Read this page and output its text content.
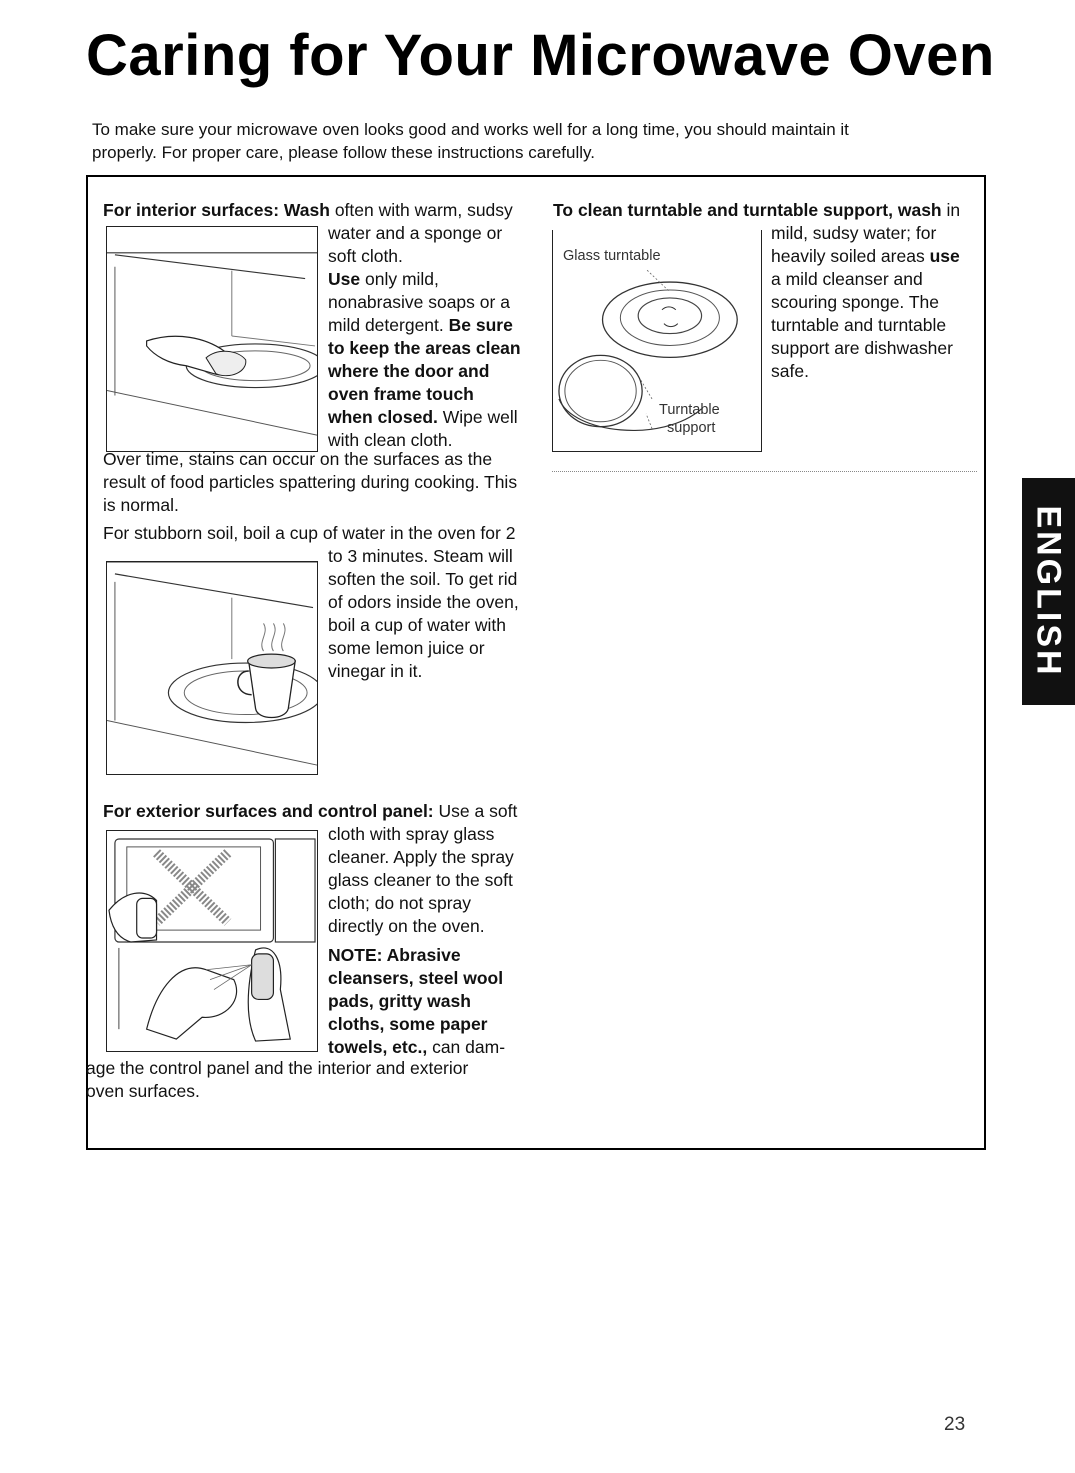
Caring for Your Microwave Oven

To make sure your microwave oven looks good and works well for a long time, you should maintain it properly. For proper care, please follow these instructions carefully.

For interior surfaces: Wash often with warm, sudsy
water and a sponge or
soft cloth.
Use only mild,
nonabrasive soaps or a
mild detergent. Be sure
to keep the areas clean
where the door and
oven frame touch
when closed. Wipe well
with clean cloth.
Over time, stains can occur on the surfaces as the
result of food particles spattering during cooking. This
is normal.
For stubborn soil, boil a cup of water in the oven for 2
to 3 minutes. Steam will
soften the soil. To get rid
of odors inside the oven,
boil a cup of water with
some lemon juice or
vinegar in it.
For exterior surfaces and control panel: Use a soft
cloth with spray glass
cleaner. Apply the spray
glass cleaner to the soft
cloth; do not spray
directly on the oven.
NOTE: Abrasive
cleansers, steel wool
pads, gritty wash
cloths, some paper
towels, etc., can dam-
age the control panel and the interior and exterior
oven surfaces.
To clean turntable and turntable support, wash in
Glass turntable
Turntable
support
mild, sudsy water; for
heavily soiled areas use
a mild cleanser and
scouring sponge. The
turntable and turntable
support are dishwasher
safe.
ENGLISH
23
